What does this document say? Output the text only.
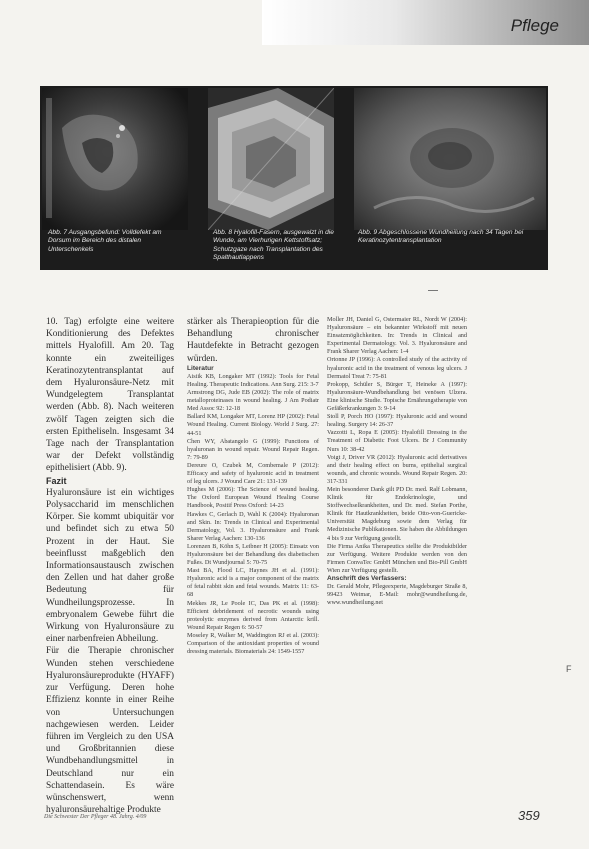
Pflege
Abb. 7 Ausgangsbefund: Volldefekt am Dorsum im Bereich des distalen Unterschenkels
Abb. 8 Hyalofill-Fasern, ausgewalzt in die Wunde, am Vierhurigen Kettstoffsatz; Schutzgaze nach Transplantation des Spalthautlappens
Abb. 9 Abgeschlossene Wundheilung nach 34 Tagen bei Keratinozytentransplantation

10. Tag) erfolgte eine weitere Konditionierung des Defektes mittels Hyalofill. Am 20. Tag konnte ein zweiteiliges Keratinozytentransplantat auf dem Hyaluronsäure-Netz mit Wundgelegtem Transplantat werden (Abb. 8). Nach weiteren zwölf Tagen zeigten sich die ersten Epitheliseln. Insgesamt 34 Tage nach der Transplantation war der Defekt vollständig epithelisiert (Abb. 9).

Fazit

Hyaluronsäure ist ein wichtiges Polysaccharid im menschlichen Körper. Sie kommt ubiquitär vor und befindet sich zu etwa 50 Prozent in der Haut. Sie beeinflusst maßgeblich den Informationsaustausch zwischen den Zellen und hat daher große Bedeutung für Wundheilungsprozesse. In embryonalem Gewebe führt die Wirkung von Hyaluronsäure zu einer narbenfreien Abheilung.

Für die Therapie chronischer Wunden stehen verschiedene Hyaluronsäureprodukte (HYAFF) zur Verfügung. Deren hohe Effizienz konnte in einer Reihe von Untersuchungen nachgewiesen werden. Leider führen im Vergleich zu den USA und Großbritannien diese Wundbehandlungsmittel in Deutschland nur ein Schattendasein. Es wäre wünschenswert, wenn hyaluronsäurehaltige Produkte

stärker als Therapieoption für die Behandlung chronischer Hautdefekte in Betracht gezogen würden.

Literatur

Aisiik KB, Longaker MT (1992): Tools for Fetal Healing. Therapeutic Indications. Ann Surg. 215: 3-7

Armstrong DG, Jude EB (2002): The role of matrix metalloproteinases in wound healing. J Am Podiatr Med Assoc 92: 12-18

Ballard KM, Longaker MT, Lorenz HP (2002): Fetal Wound Healing. Current Biology. World J Surg. 27: 44-51

Chen WY, Abatangelo G (1999): Functions of hyaluronan in wound repair. Wound Repair Regen. 7: 79-89

Dereure O, Czubek M, Combemale P (2012): Efficacy and safety of hyaluronic acid in treatment of leg ulcers. J Wound Care 21: 131-139

Hughes M (2006): The Science of wound healing. The Oxford European Wound Healing Course Handbook, Positif Press Oxford: 14-23

Hawkes C, Gerlach D, Wahl K (2004): Hyaluronan and Skin. In: Trends in Clinical and Experimental Dermatology, Vol. 3. Hyaluronsäure and Frank Sharer Verlag Aachen: 130-136

Lorenzen B, Köhn S, Leibner H (2005): Einsatz von Hyaluronsäure bei der Behandlung des diabetischen Fußes. Dt Wundjournal 5: 70-75

Mast BA, Flood LC, Haynes JH et al. (1991): Hyaluronic acid is a major component of the matrix of fetal rabbit skin and fetal wounds. Matrix 11: 63-68

Mekkes JR, Le Poole IC, Das PK et al. (1998): Efficient debridement of necrotic wounds using proteolytic enzymes derived from Antarctic krill. Wound Repair Regen 6: 50-57

Moseley R, Walker M, Waddington RJ et al. (2003): Comparison of the antioxidant properties of wound dressing materials. Biomaterials 24: 1549-1557

Moller JH, Daniel G, Ostermaier RL, Nordt W (2004): Hyaluronsäure – ein bekannter Wirkstoff mit neuen Einsatzmöglichkeiten. In: Trends in Clinical and Experimental Dermatology. Vol. 3. Hyaluronsäure and Frank Sharer Verlag Aachen: 1-4

Ortonne JP (1996): A controlled study of the activity of hyaluronic acid in the treatment of venous leg ulcers. J Dermatol Treat 7: 75-81

Prokopp, Schüler S, Bürger T, Heineke A (1997): Hyaluronsäure-Wundbehandlung bei venösen Ulzera. Eine klinische Studie. Topische Ernährungstherapie von Gefäßerkrankungen 3: 9-14

Stoll P, Porch HO (1997): Hyaluronic acid and wound healing. Surgery 14: 26-37

Vazzotti L, Ropa E (2005): Hyalofill Dressing in the Treatment of Diabetic Foot Ulcers. Br J Community Nurs 10: 38-42

Voigt J, Driver VR (2012): Hyaluronic acid derivatives and their healing effect on burns, epithelial surgical wounds, and chronic wounds. Wound Repair Regen. 20: 317-331

Mein besonderer Dank gilt PD Dr. med. Ralf Lobmann, Klinik für Endokrinologie, und Stoffwechselkrankheiten, und Dr. med. Stefan Porthe, Klinik für Hautkrankheiten, beide Otto-von-Guericke-Universität Magdeburg sowie dem Verlag für Medizinische Publikationen. Sie haben die Abbildungen 4 bis 9 zur Verfügung gestellt.

Die Firma Anika Therapeutics stellte die Produktbilder zur Verfügung. Weitere Produkte werden von den Firmen ConvaTec GmbH München und Bio-Pill GmbH Wien zur Verfügung gestellt.

Anschrift des Verfassers:

Dr. Gerald Mohr, Pflegeexperte, Magdeburger Straße 8, 99423 Weimar, E-Mail: mohr@wundheilung.de, www.wundheilung.net

F
Die Schwester Der Pfleger 48. Jahrg. 4/09	359
